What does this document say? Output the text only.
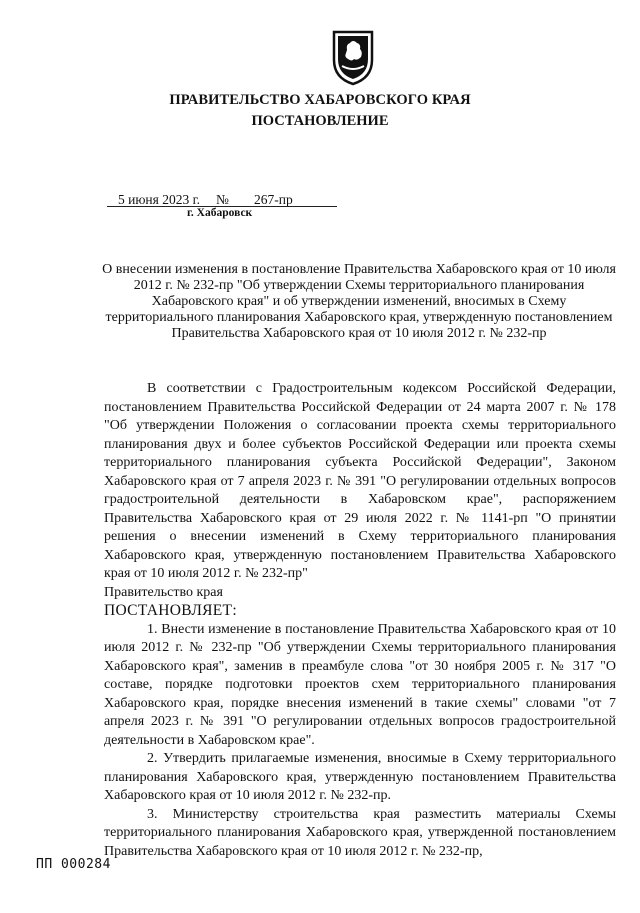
ПРАВИТЕЛЬСТВО ХАБАРОВСКОГО КРАЯ
ПОСТАНОВЛЕНИЕ
5 июня 2023 г. № 267-пр
г. Хабаровск
О внесении изменения в постановление Правительства Хабаровского края от 10 июля 2012 г. № 232-пр "Об утверждении Схемы территориального планирования Хабаровского края" и об утверждении изменений, вносимых в Схему территориального планирования Хабаровского края, утвержденную постановлением Правительства Хабаровского края от 10 июля 2012 г. № 232-пр

В соответствии с Градостроительным кодексом Российской Федерации, постановлением Правительства Российской Федерации от 24 марта 2007 г. № 178 "Об утверждении Положения о согласовании проекта схемы территориального планирования двух и более субъектов Российской Федерации или проекта схемы территориального планирования субъекта Российской Федерации", Законом Хабаровского края от 7 апреля 2023 г. № 391 "О регулировании отдельных вопросов градостроительной деятельности в Хабаровском крае", распоряжением Правительства Хабаровского края от 29 июля 2022 г. № 1141-рп "О принятии решения о внесении изменений в Схему территориального планирования Хабаровского края, утвержденную постановлением Правительства Хабаровского края от 10 июля 2012 г. № 232-пр"

Правительство края

ПОСТАНОВЛЯЕТ:

1. Внести изменение в постановление Правительства Хабаровского края от 10 июля 2012 г. № 232-пр "Об утверждении Схемы территориального планирования Хабаровского края", заменив в преамбуле слова "от 30 ноября 2005 г. № 317 "О составе, порядке подготовки проектов схем территориального планирования Хабаровского края, порядке внесения изменений в такие схемы" словами "от 7 апреля 2023 г. № 391 "О регулировании отдельных вопросов градостроительной деятельности в Хабаровском крае".

2. Утвердить прилагаемые изменения, вносимые в Схему территориального планирования Хабаровского края, утвержденную постановлением Правительства Хабаровского края от 10 июля 2012 г. № 232-пр.

3. Министерству строительства края разместить материалы Схемы территориального планирования Хабаровского края, утвержденной постановлением Правительства Хабаровского края от 10 июля 2012 г. № 232-пр,

ПП 000284
